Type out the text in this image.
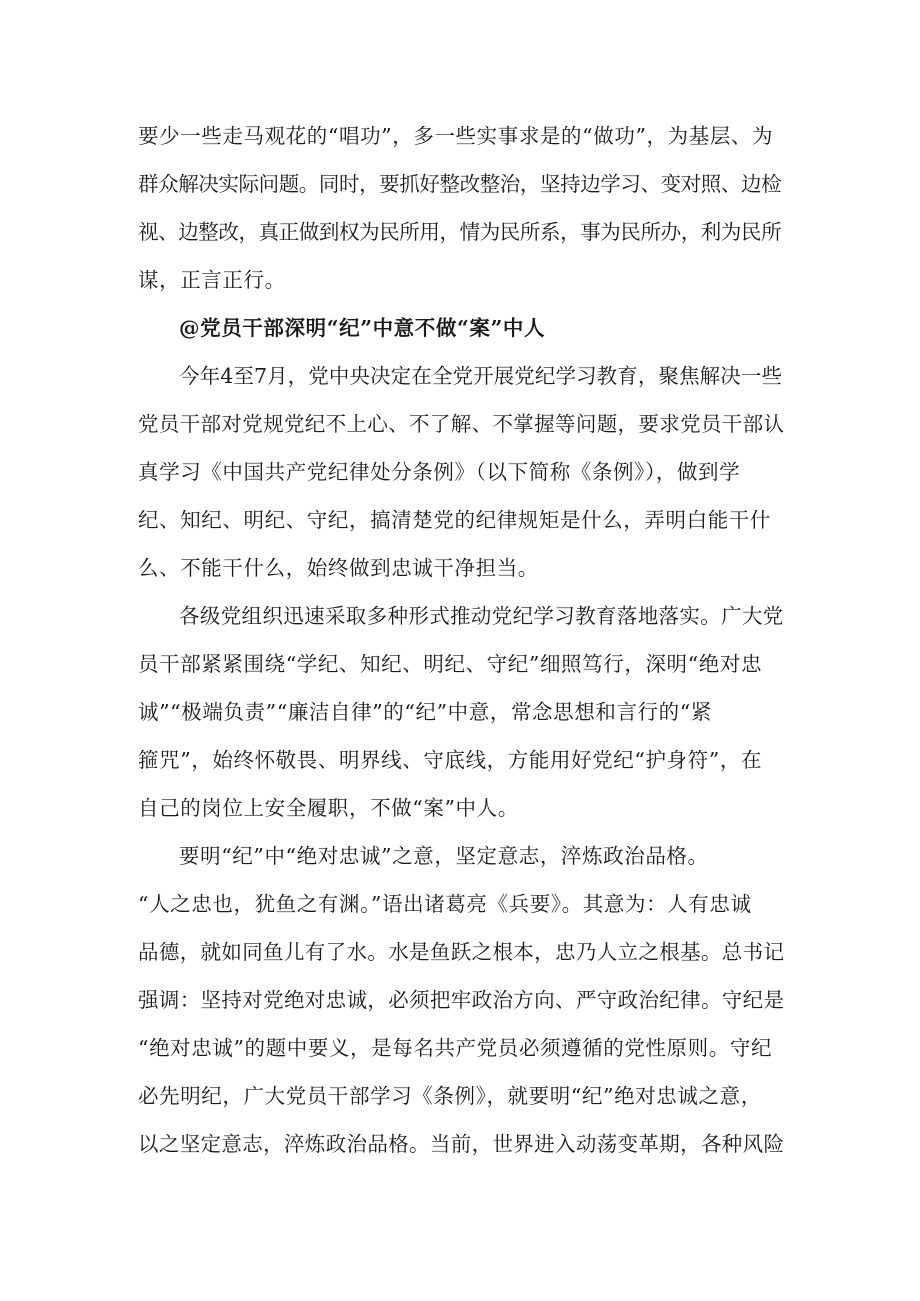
要少一些走马观花的“唱功”，多一些实事求是的“做功”，为基层、为
群众解决实际问题。同时，要抓好整改整治，坚持边学习、变对照、边检
视、边整改，真正做到权为民所用，情为民所系，事为民所办，利为民所
谋，正言正行。
@党员干部深明“纪”中意不做“案”中人
今年4至7月，党中央决定在全党开展党纪学习教育，聚焦解决一些
党员干部对党规党纪不上心、不了解、不掌握等问题，要求党员干部认
真学习《中国共产党纪律处分条例》（以下简称《条例》），做到学
纪、知纪、明纪、守纪，搞清楚党的纪律规矩是什么，弄明白能干什
么、不能干什么，始终做到忠诚干净担当。
各级党组织迅速采取多种形式推动党纪学习教育落地落实。广大党
员干部紧紧围绕“学纪、知纪、明纪、守纪”细照笃行，深明“绝对忠
诚”“极端负责”“廉洁自律”的“纪”中意，常念思想和言行的“紧
箍咒”，始终怀敬畏、明界线、守底线，方能用好党纪“护身符”，在
自己的岗位上安全履职，不做“案”中人。
要明“纪”中“绝对忠诚”之意，坚定意志，淬炼政治品格。
“人之忠也，犹鱼之有渊。”语出诸葛亮《兵要》。其意为：人有忠诚
品德，就如同鱼儿有了水。水是鱼跃之根本，忠乃人立之根基。总书记
强调：坚持对党绝对忠诚，必须把牢政治方向、严守政治纪律。守纪是
“绝对忠诚”的题中要义，是每名共产党员必须遵循的党性原则。守纪
必先明纪，广大党员干部学习《条例》，就要明“纪”绝对忠诚之意，
以之坚定意志，淬炼政治品格。当前，世界进入动荡变革期，各种风险
